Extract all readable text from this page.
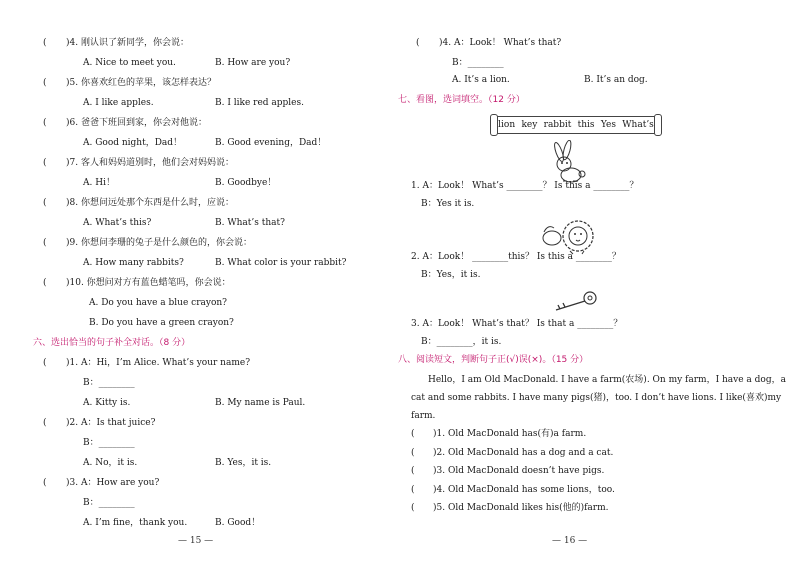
( )4. 刚认识了新同学，你会说：
A. Nice to meet you.	B. How are you?
( )5. 你喜欢红色的苹果，该怎样表达？
A. I like apples.	B. I like red apples.
( )6. 爸爸下班回到家，你会对他说：
A. Good night，Dad！	B. Good evening，Dad！
( )7. 客人和妈妈道别时，他们会对妈妈说：
A. Hi！	B. Goodbye！
( )8. 你想问远处那个东西是什么时，应说：
A. What’s this?	B. What’s that?
( )9. 你想问李珊的兔子是什么颜色的，你会说：
A. How many rabbits?	B. What color is your rabbit?
( )10. 你想问对方有蓝色蜡笔吗，你会说：
A. Do you have a blue crayon?
B. Do you have a green crayon?
六、选出恰当的句子补全对话。（8 分）
( )1. A：Hi，I’m Alice. What’s your name?
B：________
A. Kitty is.	B. My name is Paul.
( )2. A：Is that juice?
B：________
A. No，it is.	B. Yes，it is.
( )3. A：How are you?
B：________
A. I’m fine，thank you.	B. Good！
— 15 —
( )4. A：Look！ What’s that?
B：________
A. It’s a lion.	B. It’s an dog.
七、看图，选词填空。（12 分）
lion key rabbit this Yes What’s
1. A：Look！ What’s ________？ Is this a ________？
B：Yes it is.
2. A：Look！ ________this？ Is this a ________？
B：Yes，it is.
3. A：Look！ What’s that？ Is that a ________？
B：________，it is.
八、阅读短文，判断句子正(√)误(×)。（15 分）
Hello，I am Old MacDonald. I have a farm(农场). On my farm，I have a dog，a
cat and some rabbits. I have many pigs(猪)，too. I don’t have lions. I like(喜欢)my
farm.
( )1. Old MacDonald has(有)a farm.
( )2. Old MacDonald has a dog and a cat.
( )3. Old MacDonald doesn’t have pigs.
( )4. Old MacDonald has some lions，too.
( )5. Old MacDonald likes his(他的)farm.
— 16 —
